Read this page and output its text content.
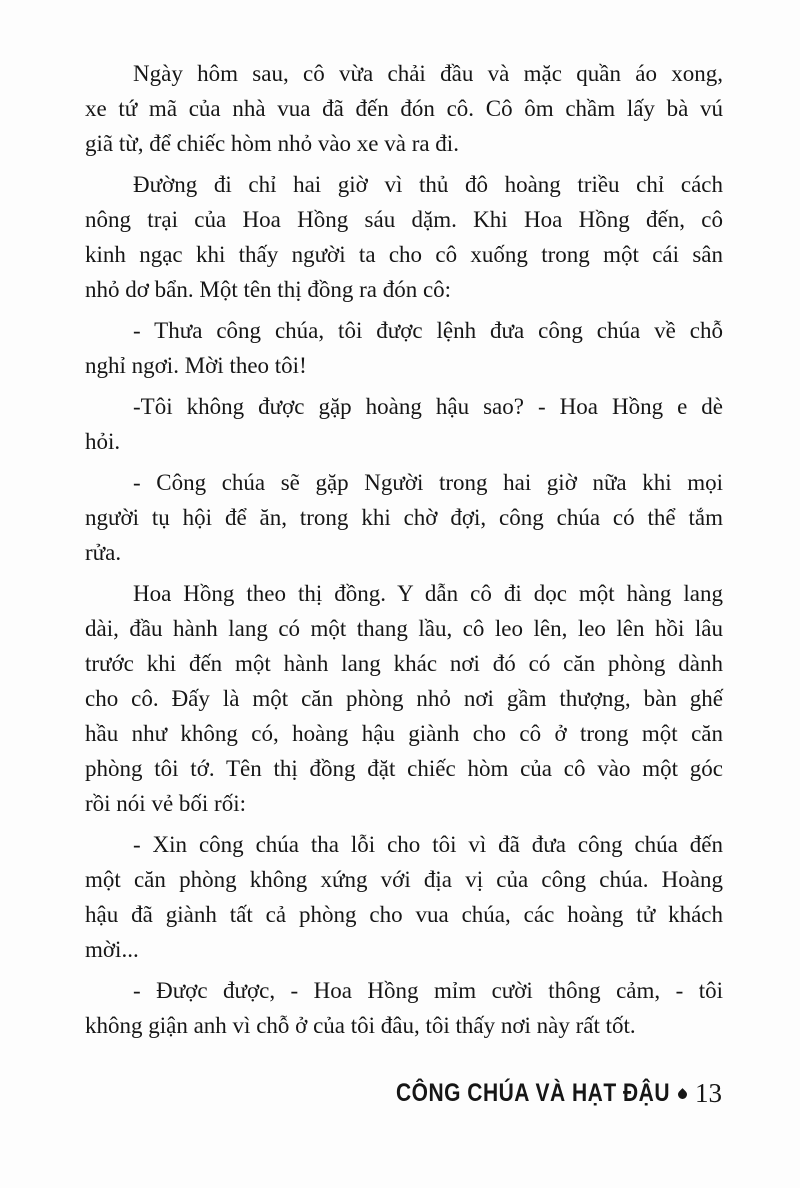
Ngày hôm sau, cô vừa chải đầu và mặc quần áo xong,
xe tứ mã của nhà vua đã đến đón cô. Cô ôm chầm lấy bà vú
giã từ, để chiếc hòm nhỏ vào xe và ra đi.

Đường đi chỉ hai giờ vì thủ đô hoàng triều chỉ cách
nông trại của Hoa Hồng sáu dặm. Khi Hoa Hồng đến, cô
kinh ngạc khi thấy người ta cho cô xuống trong một cái sân
nhỏ dơ bẩn. Một tên thị đồng ra đón cô:

- Thưa công chúa, tôi được lệnh đưa công chúa về chỗ
nghỉ ngơi. Mời theo tôi!

-Tôi không được gặp hoàng hậu sao? - Hoa Hồng e dè
hỏi.

- Công chúa sẽ gặp Người trong hai giờ nữa khi mọi
người tụ hội để ăn, trong khi chờ đợi, công chúa có thể tắm
rửa.

Hoa Hồng theo thị đồng. Y dẫn cô đi dọc một hàng lang
dài, đầu hành lang có một thang lầu, cô leo lên, leo lên hồi lâu
trước khi đến một hành lang khác nơi đó có căn phòng dành
cho cô. Đấy là một căn phòng nhỏ nơi gầm thượng, bàn ghế
hầu như không có, hoàng hậu giành cho cô ở trong một căn
phòng tôi tớ. Tên thị đồng đặt chiếc hòm của cô vào một góc
rồi nói vẻ bối rối:

- Xin công chúa tha lỗi cho tôi vì đã đưa công chúa đến
một căn phòng không xứng với địa vị của công chúa. Hoàng
hậu đã giành tất cả phòng cho vua chúa, các hoàng tử khách
mời...

- Được được, - Hoa Hồng mỉm cười thông cảm, - tôi
không giận anh vì chỗ ở của tôi đâu, tôi thấy nơi này rất tốt.

CÔNG CHÚA VÀ HẠT ĐẬU 13
